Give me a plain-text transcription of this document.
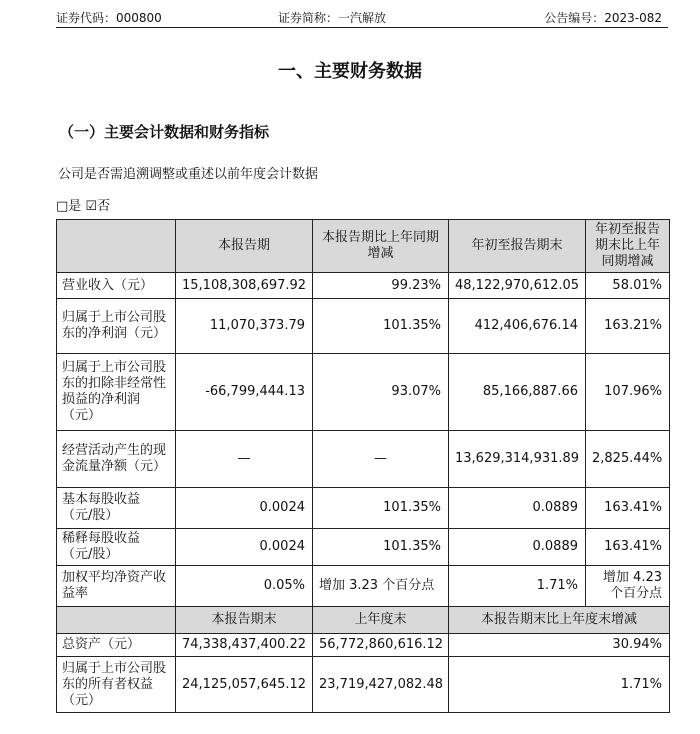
证券代码：000800	证券简称：一汽解放	公告编号：2023-082
一、主要财务数据
（一）主要会计数据和财务指标
公司是否需追溯调整或重述以前年度会计数据
□是 ☑否
	本报告期	本报告期比上年同期增减	年初至报告期末	年初至报告期末比上年同期增减
营业收入（元）	15,108,308,697.92	99.23%	48,122,970,612.05	58.01%
归属于上市公司股东的净利润（元）	11,070,373.79	101.35%	412,406,676.14	163.21%
归属于上市公司股东的扣除非经常性损益的净利润（元）	-66,799,444.13	93.07%	85,166,887.66	107.96%
经营活动产生的现金流量净额（元）	—	—	13,629,314,931.89	2,825.44%
基本每股收益（元/股）	0.0024	101.35%	0.0889	163.41%
稀释每股收益（元/股）	0.0024	101.35%	0.0889	163.41%
加权平均净资产收益率	0.05%	增加 3.23 个百分点	1.71%	增加 4.23
个百分点

	本报告期末	上年度末	本报告期末比上年度末增减	
总资产（元）	74,338,437,400.22	56,772,860,616.12	30.94%	
归属于上市公司股东的所有者权益（元）	24,125,057,645.12	23,719,427,082.48	1.71%	
